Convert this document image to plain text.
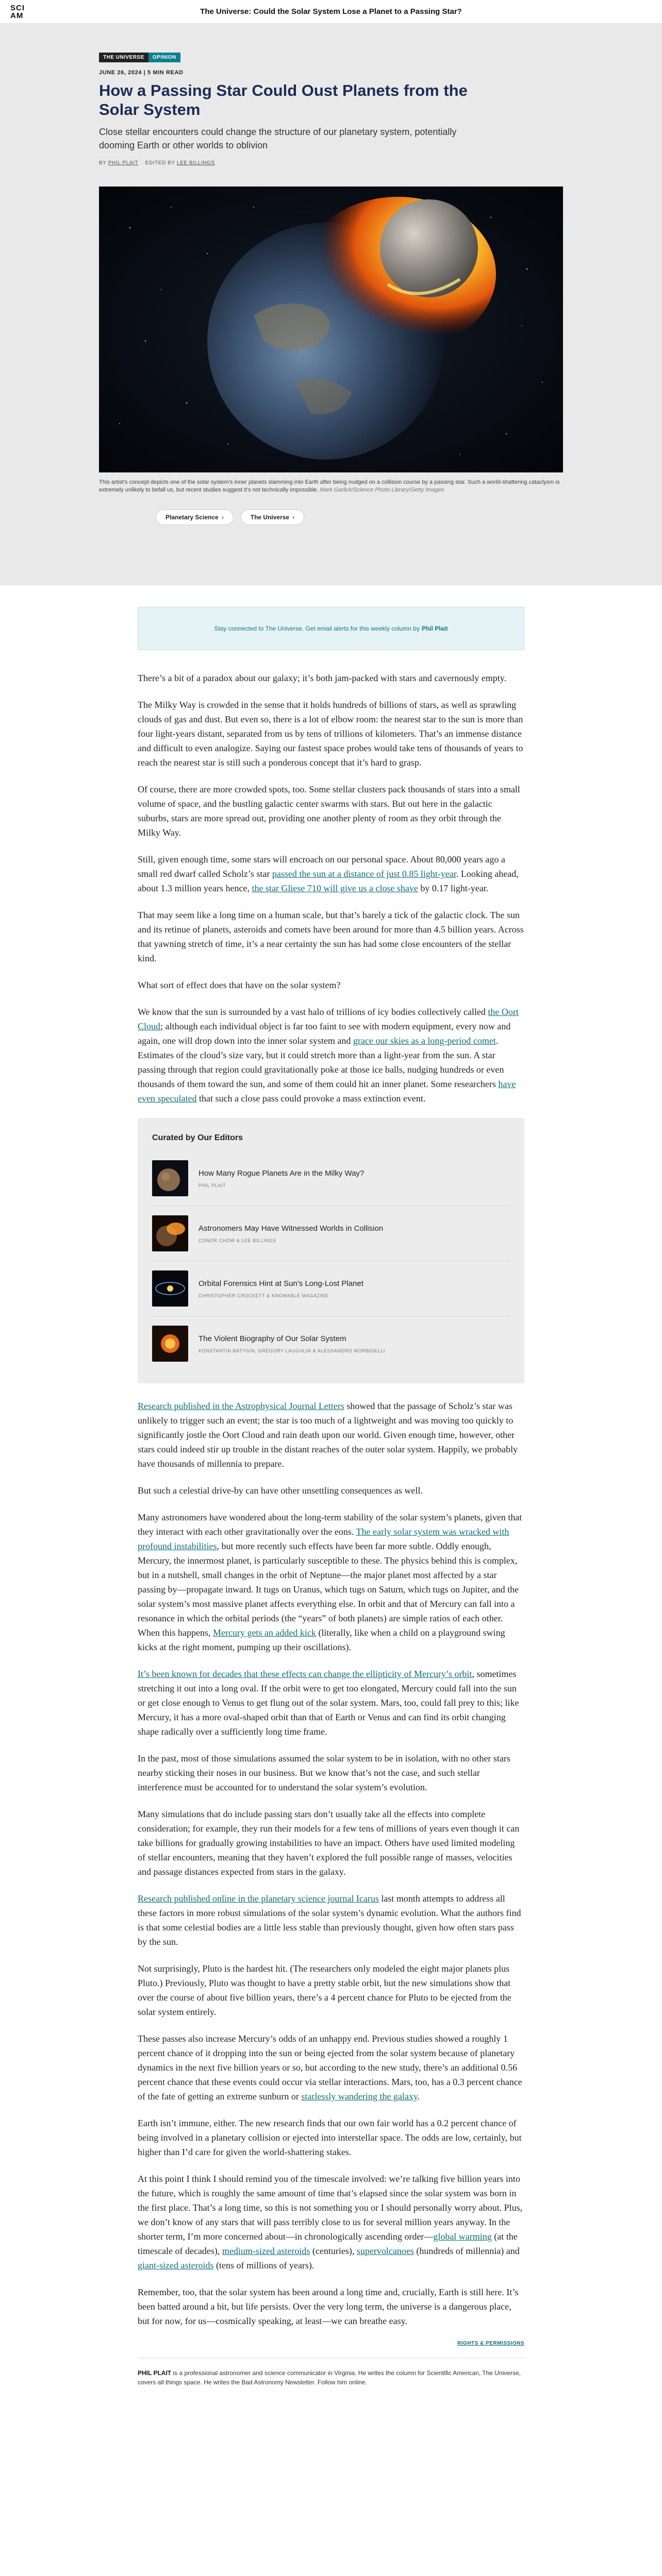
SCI AM	The Universe: Could the Solar System Lose a Planet to a Passing Star?
THE UNIVERSE	OPINION
JUNE 26, 2024 | 5 MIN READ
How a Passing Star Could Oust Planets from the Solar System

Close stellar encounters could change the structure of our planetary system, potentially dooming Earth or other worlds to oblivion

BY PHIL PLAIT EDITED BY LEE BILLINGS

This artist’s concept depicts one of the solar system’s inner planets slamming into Earth after being nudged on a collision course by a passing star. Such a world-shattering cataclysm is extremely unlikely to befall us, but recent studies suggest it’s not technically impossible. Mark Garlick/Science Photo Library/Getty Images

Planetary Science ›	The Universe ›
Stay connected to The Universe. Get email alerts for this weekly column by Phil Plait

There’s a bit of a paradox about our galaxy; it’s both jam-packed with stars and cavernously empty.

The Milky Way is crowded in the sense that it holds hundreds of billions of stars, as well as sprawling clouds of gas and dust. But even so, there is a lot of elbow room: the nearest star to the sun is more than four light-years distant, separated from us by tens of trillions of kilometers. That’s an immense distance and difficult to even analogize. Saying our fastest space probes would take tens of thousands of years to reach the nearest star is still such a ponderous concept that it’s hard to grasp.

Of course, there are more crowded spots, too. Some stellar clusters pack thousands of stars into a small volume of space, and the bustling galactic center swarms with stars. But out here in the galactic suburbs, stars are more spread out, providing one another plenty of room as they orbit through the Milky Way.

Still, given enough time, some stars will encroach on our personal space. About 80,000 years ago a small red dwarf called Scholz’s star passed the sun at a distance of just 0.85 light-year. Looking ahead, about 1.3 million years hence, the star Gliese 710 will give us a close shave by 0.17 light-year.

That may seem like a long time on a human scale, but that’s barely a tick of the galactic clock. The sun and its retinue of planets, asteroids and comets have been around for more than 4.5 billion years. Across that yawning stretch of time, it’s a near certainty the sun has had some close encounters of the stellar kind.

What sort of effect does that have on the solar system?

We know that the sun is surrounded by a vast halo of trillions of icy bodies collectively called the Oort Cloud; although each individual object is far too faint to see with modern equipment, every now and again, one will drop down into the inner solar system and grace our skies as a long-period comet. Estimates of the cloud’s size vary, but it could stretch more than a light-year from the sun. A star passing through that region could gravitationally poke at those ice balls, nudging hundreds or even thousands of them toward the sun, and some of them could hit an inner planet. Some researchers have even speculated that such a close pass could provoke a mass extinction event.

Curated by Our Editors
How Many Rogue Planets Are in the Milky Way?
PHIL PLAIT
Astronomers May Have Witnessed Worlds in Collision
CONOR CHOW & LEE BILLINGS
Orbital Forensics Hint at Sun’s Long-Lost Planet
CHRISTOPHER CROCKETT & KNOWABLE MAGAZINE
The Violent Biography of Our Solar System
KONSTANTIN BATYGIN, GREGORY LAUGHLIN & ALESSANDRO MORBIDELLI

Research published in the Astrophysical Journal Letters showed that the passage of Scholz’s star was unlikely to trigger such an event; the star is too much of a lightweight and was moving too quickly to significantly jostle the Oort Cloud and rain death upon our world. Given enough time, however, other stars could indeed stir up trouble in the distant reaches of the outer solar system. Happily, we probably have thousands of millennia to prepare.

But such a celestial drive-by can have other unsettling consequences as well.

Many astronomers have wondered about the long-term stability of the solar system’s planets, given that they interact with each other gravitationally over the eons. The early solar system was wracked with profound instabilities, but more recently such effects have been far more subtle. Oddly enough, Mercury, the innermost planet, is particularly susceptible to these. The physics behind this is complex, but in a nutshell, small changes in the orbit of Neptune—the major planet most affected by a star passing by—propagate inward. It tugs on Uranus, which tugs on Saturn, which tugs on Jupiter, and the solar system’s most massive planet affects everything else. In orbit and that of Mercury can fall into a resonance in which the orbital periods (the “years” of both planets) are simple ratios of each other. When this happens, Mercury gets an added kick (literally, like when a child on a playground swing kicks at the right moment, pumping up their oscillations).

It’s been known for decades that these effects can change the ellipticity of Mercury’s orbit, sometimes stretching it out into a long oval. If the orbit were to get too elongated, Mercury could fall into the sun or get close enough to Venus to get flung out of the solar system. Mars, too, could fall prey to this; like Mercury, it has a more oval-shaped orbit than that of Earth or Venus and can find its orbit changing shape radically over a sufficiently long time frame.

In the past, most of those simulations assumed the solar system to be in isolation, with no other stars nearby sticking their noses in our business. But we know that’s not the case, and such stellar interference must be accounted for to understand the solar system’s evolution.

Many simulations that do include passing stars don’t usually take all the effects into complete consideration; for example, they run their models for a few tens of millions of years even though it can take billions for gradually growing instabilities to have an impact. Others have used limited modeling of stellar encounters, meaning that they haven’t explored the full possible range of masses, velocities and passage distances expected from stars in the galaxy.

Research published online in the planetary science journal Icarus last month attempts to address all these factors in more robust simulations of the solar system’s dynamic evolution. What the authors find is that some celestial bodies are a little less stable than previously thought, given how often stars pass by the sun.

Not surprisingly, Pluto is the hardest hit. (The researchers only modeled the eight major planets plus Pluto.) Previously, Pluto was thought to have a pretty stable orbit, but the new simulations show that over the course of about five billion years, there’s a 4 percent chance for Pluto to be ejected from the solar system entirely.

These passes also increase Mercury’s odds of an unhappy end. Previous studies showed a roughly 1 percent chance of it dropping into the sun or being ejected from the solar system because of planetary dynamics in the next five billion years or so, but according to the new study, there’s an additional 0.56 percent chance that these events could occur via stellar interactions. Mars, too, has a 0.3 percent chance of the fate of getting an extreme sunburn or starlessly wandering the galaxy.

Earth isn’t immune, either. The new research finds that our own fair world has a 0.2 percent chance of being involved in a planetary collision or ejected into interstellar space. The odds are low, certainly, but higher than I’d care for given the world-shattering stakes.

At this point I think I should remind you of the timescale involved: we’re talking five billion years into the future, which is roughly the same amount of time that’s elapsed since the solar system was born in the first place. That’s a long time, so this is not something you or I should personally worry about. Plus, we don’t know of any stars that will pass terribly close to us for several million years anyway. In the shorter term, I’m more concerned about—in chronologically ascending order—global warming (at the timescale of decades), medium-sized asteroids (centuries), supervolcanoes (hundreds of millennia) and giant-sized asteroids (tens of millions of years).

Remember, too, that the solar system has been around a long time and, crucially, Earth is still here. It’s been batted around a bit, but life persists. Over the very long term, the universe is a dangerous place, but for now, for us—cosmically speaking, at least—we can breathe easy.

RIGHTS & PERMISSIONS
PHIL PLAIT is a professional astronomer and science communicator in Virginia. He writes the column for Scientific American, The Universe, covers all things space. He writes the Bad Astronomy Newsletter. Follow him online.
